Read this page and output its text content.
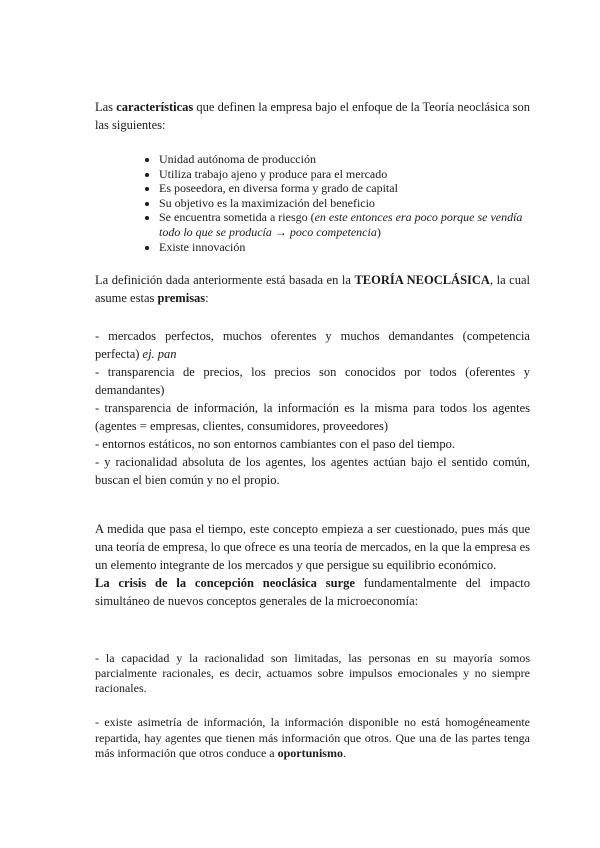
Las características que definen la empresa bajo el enfoque de la Teoría neoclásica son las siguientes:

• Unidad autónoma de producción
• Utiliza trabajo ajeno y produce para el mercado
• Es poseedora, en diversa forma y grado de capital
• Su objetivo es la maximización del beneficio
• Se encuentra sometida a riesgo (en este entonces era poco porque se vendía todo lo que se producía → poco competencia)
• Existe innovación

La definición dada anteriormente está basada en la TEORÍA NEOCLÁSICA, la cual asume estas premisas:

- mercados perfectos, muchos oferentes y muchos demandantes (competencia perfecta) ej. pan

- transparencia de precios, los precios son conocidos por todos (oferentes y demandantes)

- transparencia de información, la información es la misma para todos los agentes (agentes = empresas, clientes, consumidores, proveedores)

- entornos estáticos, no son entornos cambiantes con el paso del tiempo.

- y racionalidad absoluta de los agentes, los agentes actúan bajo el sentido común, buscan el bien común y no el propio.

A medida que pasa el tiempo, este concepto empieza a ser cuestionado, pues más que una teoría de empresa, lo que ofrece es una teoría de mercados, en la que la empresa es un elemento integrante de los mercados y que persigue su equilibrio económico.

La crisis de la concepción neoclásica surge fundamentalmente del impacto simultáneo de nuevos conceptos generales de la microeconomía:

- la capacidad y la racionalidad son limitadas, las personas en su mayoría somos parcialmente racionales, es decir, actuamos sobre impulsos emocionales y no siempre racionales.

- existe asimetría de información, la información disponible no está homogéneamente repartida, hay agentes que tienen más información que otros. Que una de las partes tenga más información que otros conduce a oportunismo.
